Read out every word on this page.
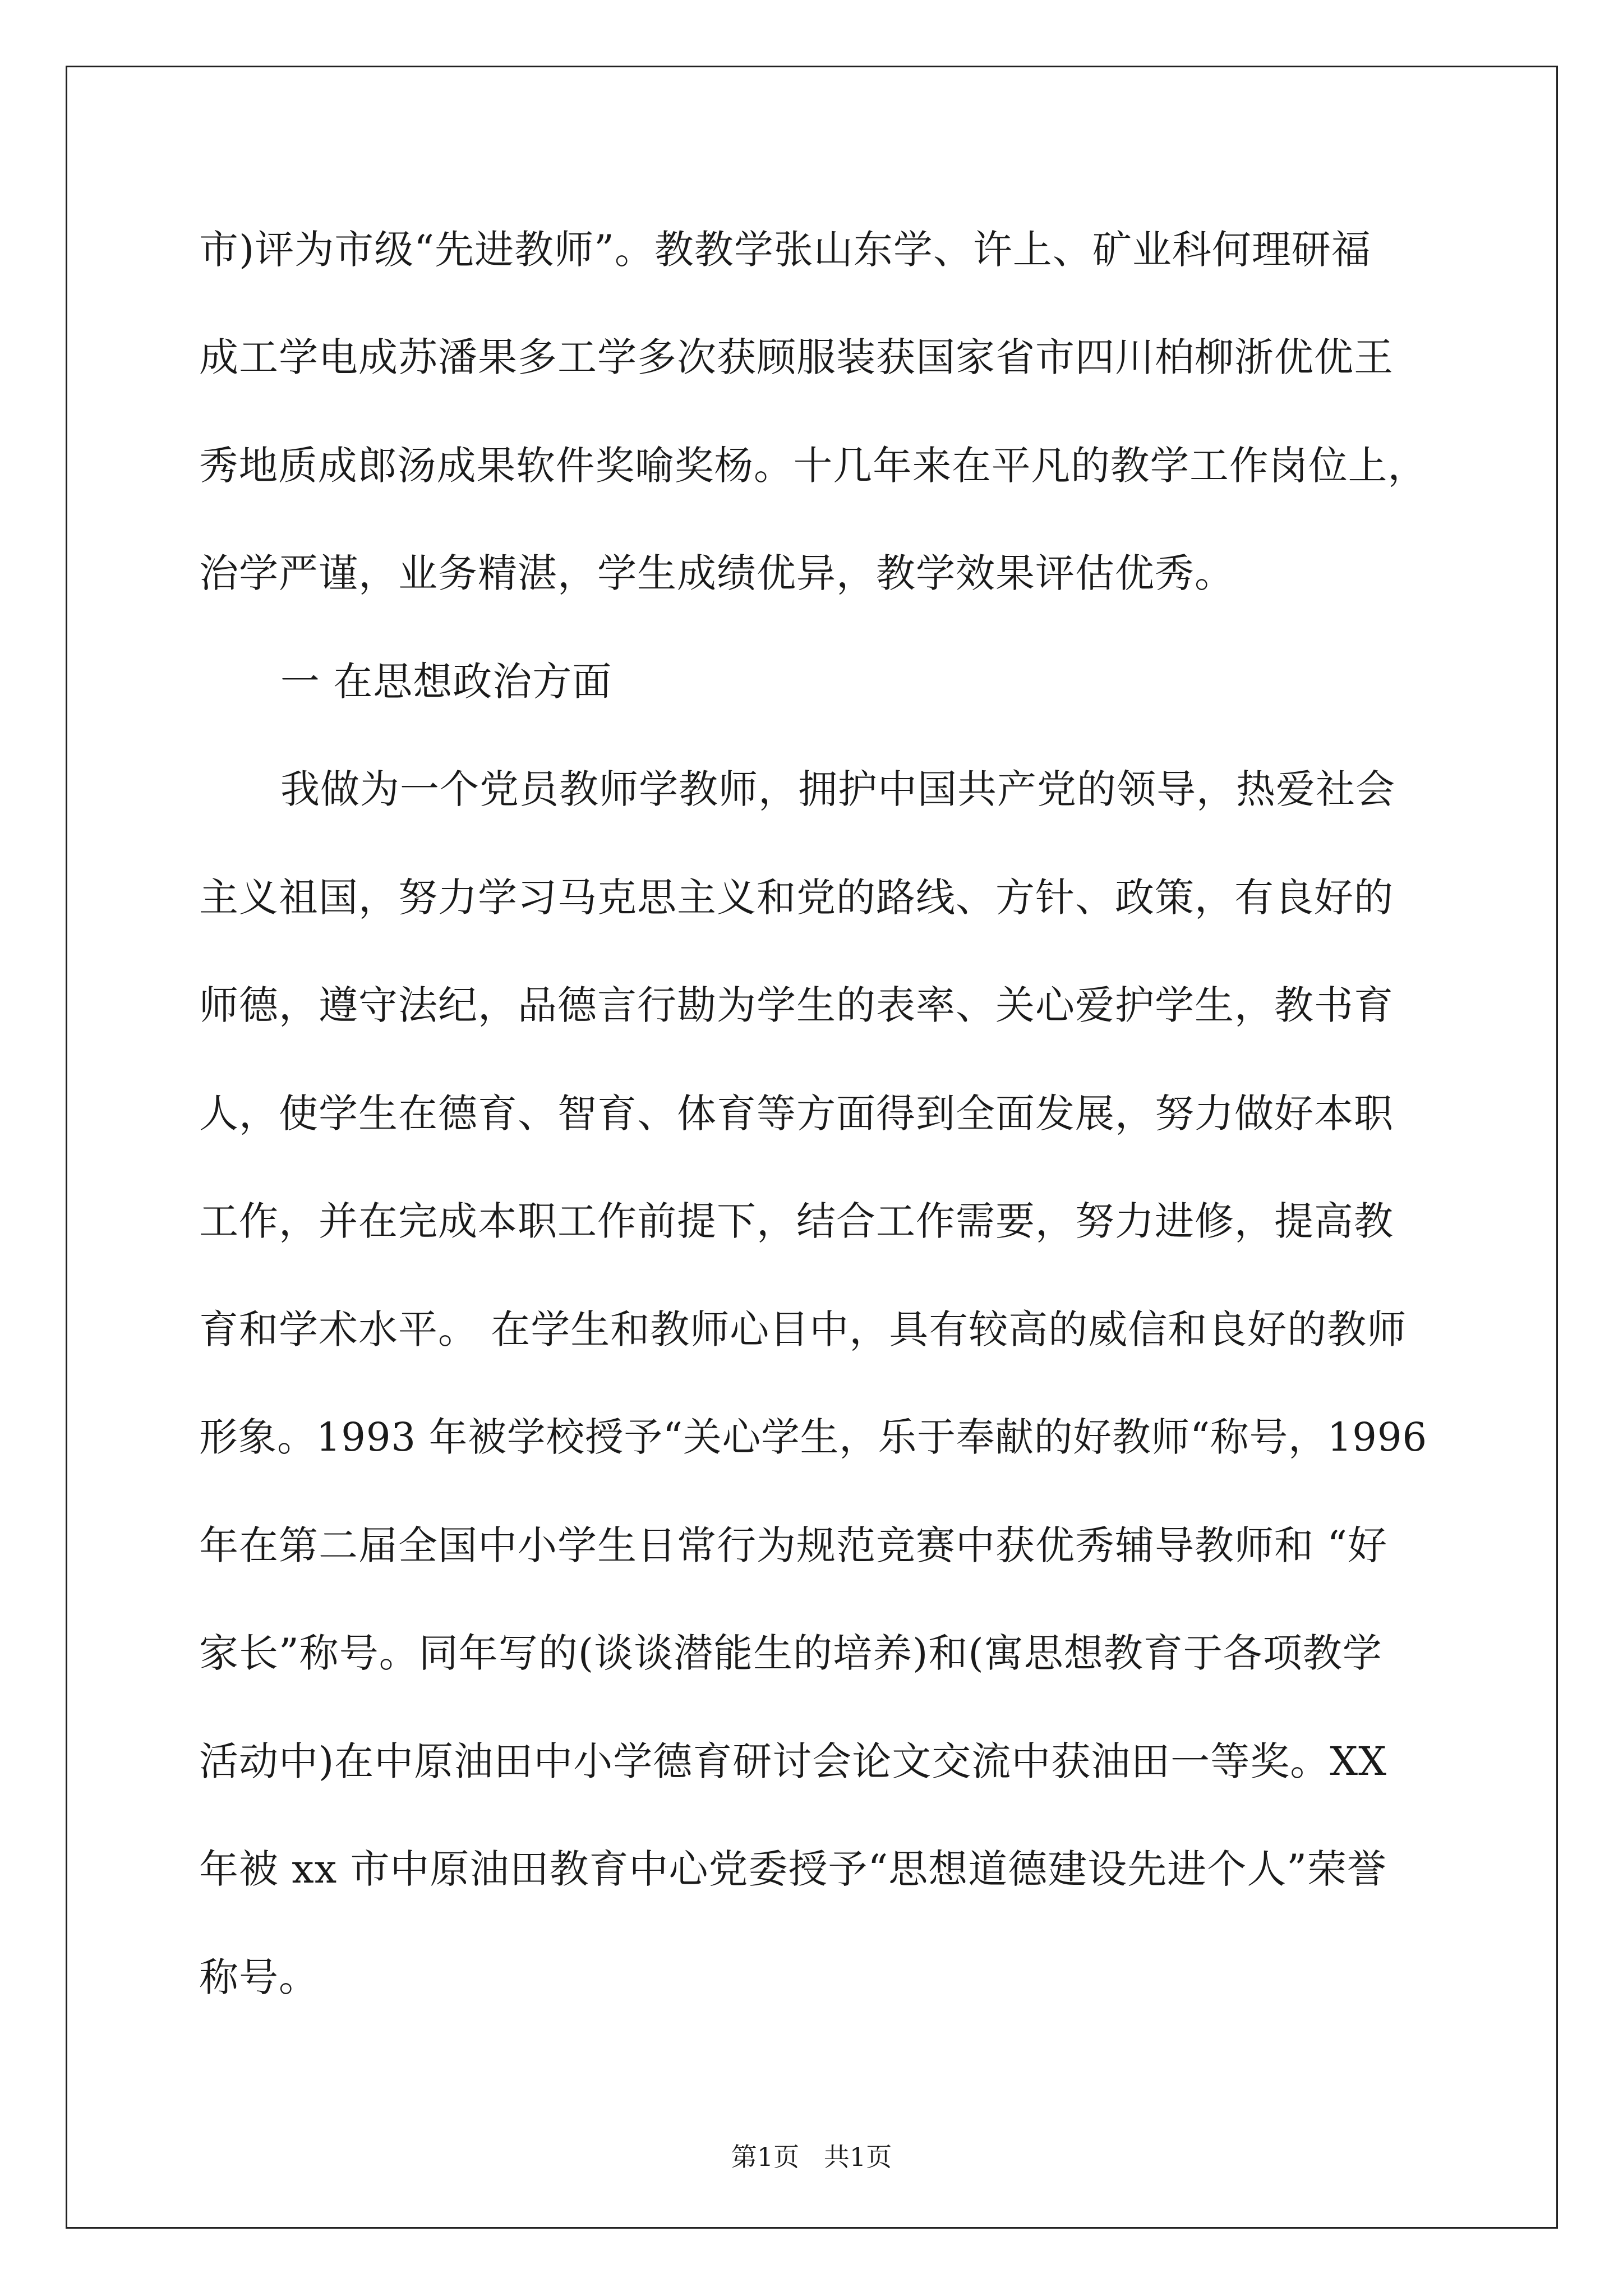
市)评为市级“先进教师”。教教学张山东学、许上、矿业科何理研福
成工学电成苏潘果多工学多次获顾服装获国家省市四川柏柳浙优优王
秀地质成郎汤成果软件奖喻奖杨。十几年来在平凡的教学工作岗位上，
治学严谨，业务精湛，学生成绩优异，教学效果评估优秀。
一 在思想政治方面
我做为一个党员教师学教师，拥护中国共产党的领导，热爱社会
主义祖国，努力学习马克思主义和党的路线、方针、政策，有良好的
师德，遵守法纪，品德言行勘为学生的表率、关心爱护学生，教书育
人，使学生在德育、智育、体育等方面得到全面发展，努力做好本职
工作，并在完成本职工作前提下，结合工作需要，努力进修，提高教
育和学术水平。 在学生和教师心目中，具有较高的威信和良好的教师
形象。1993 年被学校授予“关心学生，乐于奉献的好教师“称号，1996
年在第二届全国中小学生日常行为规范竞赛中获优秀辅导教师和 “好
家长”称号。同年写的(谈谈潜能生的培养)和(寓思想教育于各项教学
活动中)在中原油田中小学德育研讨会论文交流中获油田一等奖。XX
年被 xx 市中原油田教育中心党委授予“思想道德建设先进个人”荣誉
称号。
第1页   共1页
